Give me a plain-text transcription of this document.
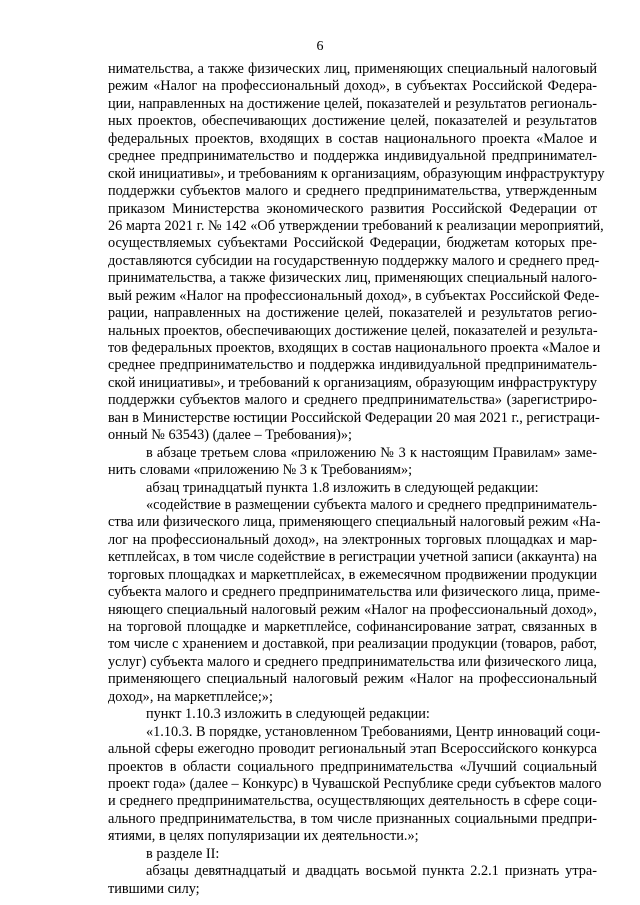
6
нимательства, а также физических лиц, применяющих специальный налоговый
режим «Налог на профессиональный доход», в субъектах Российской Федера-
ции, направленных на достижение целей, показателей и результатов региональ-
ных проектов, обеспечивающих достижение целей, показателей и результатов
федеральных проектов, входящих в состав национального проекта «Малое и
среднее предпринимательство и поддержка индивидуальной предпринимател-
ской инициативы», и требованиям к организациям, образующим инфраструктуру
поддержки субъектов малого и среднего предпринимательства, утвержденным
приказом Министерства экономического развития Российской Федерации от
26 марта 2021 г. № 142 «Об утверждении требований к реализации мероприятий,
осуществляемых субъектами Российской Федерации, бюджетам которых пре-
доставляются субсидии на государственную поддержку малого и среднего пред-
принимательства, а также физических лиц, применяющих специальный налого-
вый режим «Налог на профессиональный доход», в субъектах Российской Феде-
рации, направленных на достижение целей, показателей и результатов регио-
нальных проектов, обеспечивающих достижение целей, показателей и результа-
тов федеральных проектов, входящих в состав национального проекта «Малое и
среднее предпринимательство и поддержка индивидуальной предприниматель-
ской инициативы», и требований к организациям, образующим инфраструктуру
поддержки субъектов малого и среднего предпринимательства» (зарегистриро-
ван в Министерстве юстиции Российской Федерации 20 мая 2021 г., регистраци-
онный № 63543) (далее – Требования)»;
в абзаце третьем слова «приложению № 3 к настоящим Правилам» заме-
нить словами «приложению № 3 к Требованиям»;
абзац тринадцатый пункта 1.8 изложить в следующей редакции:
«содействие в размещении субъекта малого и среднего предприниматель-
ства или физического лица, применяющего специальный налоговый режим «На-
лог на профессиональный доход», на электронных торговых площадках и мар-
кетплейсах, в том числе содействие в регистрации учетной записи (аккаунта) на
торговых площадках и маркетплейсах, в ежемесячном продвижении продукции
субъекта малого и среднего предпринимательства или физического лица, приме-
няющего специальный налоговый режим «Налог на профессиональный доход»,
на торговой площадке и маркетплейсе, софинансирование затрат, связанных в
том числе с хранением и доставкой, при реализации продукции (товаров, работ,
услуг) субъекта малого и среднего предпринимательства или физического лица,
применяющего специальный налоговый режим «Налог на профессиональный
доход», на маркетплейсе;»;
пункт 1.10.3 изложить в следующей редакции:
«1.10.3. В порядке, установленном Требованиями, Центр инноваций соци-
альной сферы ежегодно проводит региональный этап Всероссийского конкурса
проектов в области социального предпринимательства «Лучший социальный
проект года» (далее – Конкурс) в Чувашской Республике среди субъектов малого
и среднего предпринимательства, осуществляющих деятельность в сфере соци-
ального предпринимательства, в том числе признанных социальными предпри-
ятиями, в целях популяризации их деятельности.»;
в разделе II:
абзацы девятнадцатый и двадцать восьмой пункта 2.2.1 признать утра-
тившими силу;
